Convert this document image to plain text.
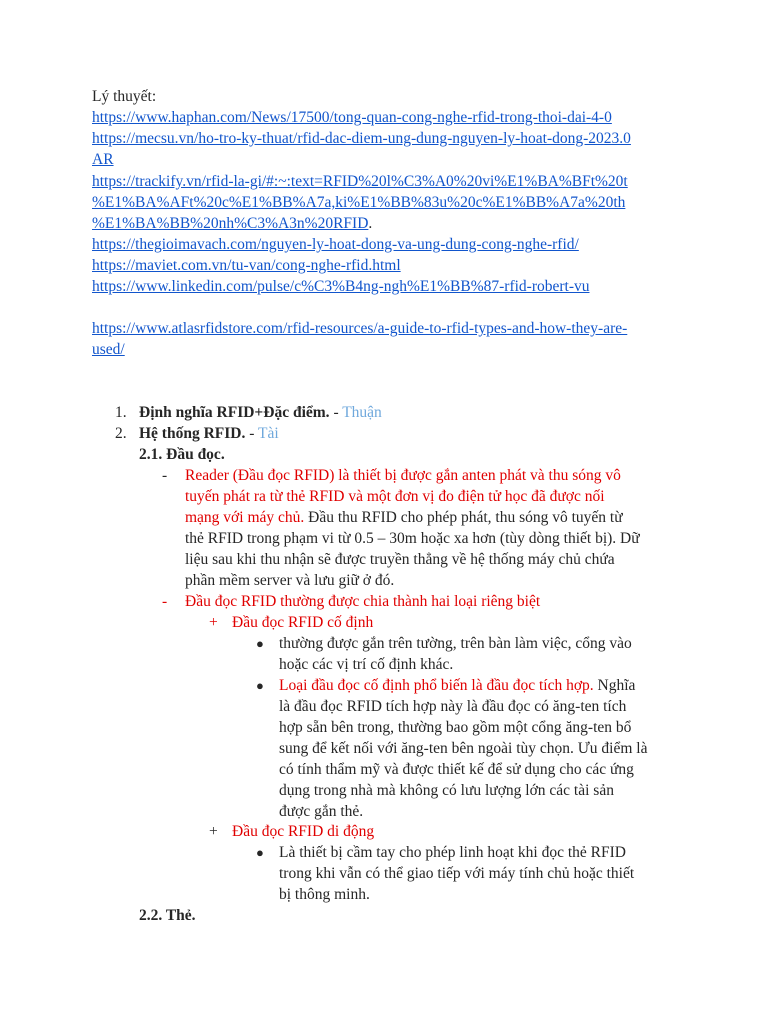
Lý thuyết:
https://www.haphan.com/News/17500/tong-quan-cong-nghe-rfid-trong-thoi-dai-4-0
https://mecsu.vn/ho-tro-ky-thuat/rfid-dac-diem-ung-dung-nguyen-ly-hoat-dong-2023.0
AR
https://trackify.vn/rfid-la-gi/#:~:text=RFID%20l%C3%A0%20vi%E1%BA%BFt%20t
%E1%BA%AFt%20c%E1%BB%A7a,ki%E1%BB%83u%20c%E1%BB%A7a%20th
%E1%BA%BB%20nh%C3%A3n%20RFID.
https://thegioimavach.com/nguyen-ly-hoat-dong-va-ung-dung-cong-nghe-rfid/
https://maviet.com.vn/tu-van/cong-nghe-rfid.html
https://www.linkedin.com/pulse/c%C3%B4ng-ngh%E1%BB%87-rfid-robert-vu
https://www.atlasrfidstore.com/rfid-resources/a-guide-to-rfid-types-and-how-they-are-
used/
1. Định nghĩa RFID+Đặc điểm. - Thuận
2. Hệ thống RFID. - Tài
2.1. Đầu đọc.
- Reader (Đầu đọc RFID) là thiết bị được gắn anten phát và thu sóng vô
tuyến phát ra từ thẻ RFID và một đơn vị đo điện tử học đã được nối
mạng với máy chủ. Đầu thu RFID cho phép phát, thu sóng vô tuyến từ
thẻ RFID trong phạm vi từ 0.5 – 30m hoặc xa hơn (tùy dòng thiết bị). Dữ
liệu sau khi thu nhận sẽ được truyền thẳng về hệ thống máy chủ chứa
phần mềm server và lưu giữ ở đó.
- Đầu đọc RFID thường được chia thành hai loại riêng biệt
+ Đầu đọc RFID cố định
● thường được gắn trên tường, trên bàn làm việc, cổng vào
hoặc các vị trí cố định khác.
● Loại đầu đọc cố định phổ biến là đầu đọc tích hợp. Nghĩa
là đầu đọc RFID tích hợp này là đầu đọc có ăng-ten tích
hợp sẵn bên trong, thường bao gồm một cổng ăng-ten bổ
sung để kết nối với ăng-ten bên ngoài tùy chọn. Ưu điểm là
có tính thẩm mỹ và được thiết kế để sử dụng cho các ứng
dụng trong nhà mà không có lưu lượng lớn các tài sản
được gắn thẻ.
+ Đầu đọc RFID di động
● Là thiết bị cầm tay cho phép linh hoạt khi đọc thẻ RFID
trong khi vẫn có thể giao tiếp với máy tính chủ hoặc thiết
bị thông minh.
2.2. Thẻ.
